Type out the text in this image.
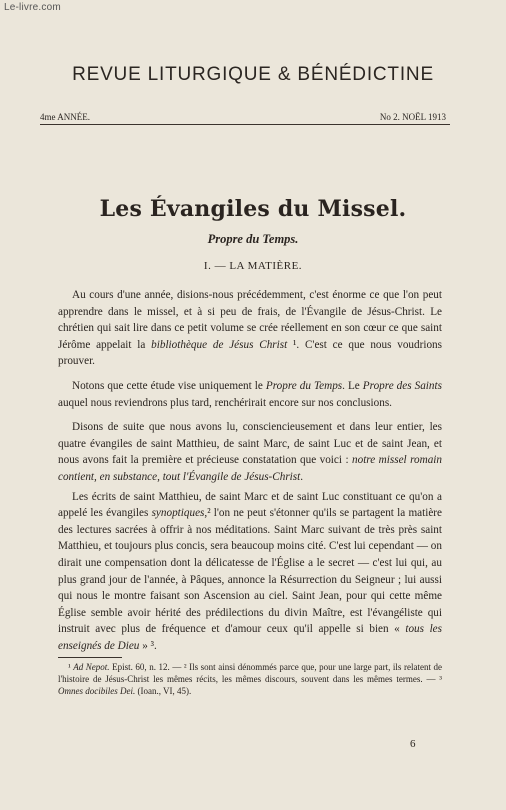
Le-livre.com
REVUE LITURGIQUE & BÉNÉDICTINE
4me ANNÉE.	No 2. NOËL 1913
Les Évangiles du Missel.
Propre du Temps.
I. — LA MATIÈRE.

Au cours d'une année, disions-nous précédemment, c'est énorme ce que l'on peut apprendre dans le missel, et à si peu de frais, de l'Évangile de Jésus-Christ. Le chrétien qui sait lire dans ce petit volume se crée réellement en son cœur ce que saint Jérôme appelait la bibliothèque de Jésus Christ ¹. C'est ce que nous voudrions prouver.

Notons que cette étude vise uniquement le Propre du Temps. Le Propre des Saints auquel nous reviendrons plus tard, renchérirait encore sur nos conclusions.

Disons de suite que nous avons lu, consciencieusement et dans leur entier, les quatre évangiles de saint Matthieu, de saint Marc, de saint Luc et de saint Jean, et nous avons fait la première et précieuse constatation que voici : notre missel romain contient, en substance, tout l'Évangile de Jésus-Christ.

Les écrits de saint Matthieu, de saint Marc et de saint Luc constituant ce qu'on a appelé les évangiles synoptiques,² l'on ne peut s'étonner qu'ils se partagent la matière des lectures sacrées à offrir à nos méditations. Saint Marc suivant de très près saint Matthieu, et toujours plus concis, sera beaucoup moins cité. C'est lui cependant — on dirait une compensation dont la délicatesse de l'Église a le secret — c'est lui qui, au plus grand jour de l'année, à Pâques, annonce la Résurrection du Seigneur ; lui aussi qui nous le montre faisant son Ascension au ciel. Saint Jean, pour qui cette même Église semble avoir hérité des prédilections du divin Maître, est l'évangéliste qui instruit avec plus de fréquence et d'amour ceux qu'il appelle si bien « tous les enseignés de Dieu » ³.

¹ Ad Nepot. Epist. 60, n. 12. — ² Ils sont ainsi dénommés parce que, pour une large part, ils relatent de l'histoire de Jésus-Christ les mêmes récits, les mêmes discours, souvent dans les mêmes termes. — ³ Omnes docibiles Dei. (Ioan., VI, 45).

6
